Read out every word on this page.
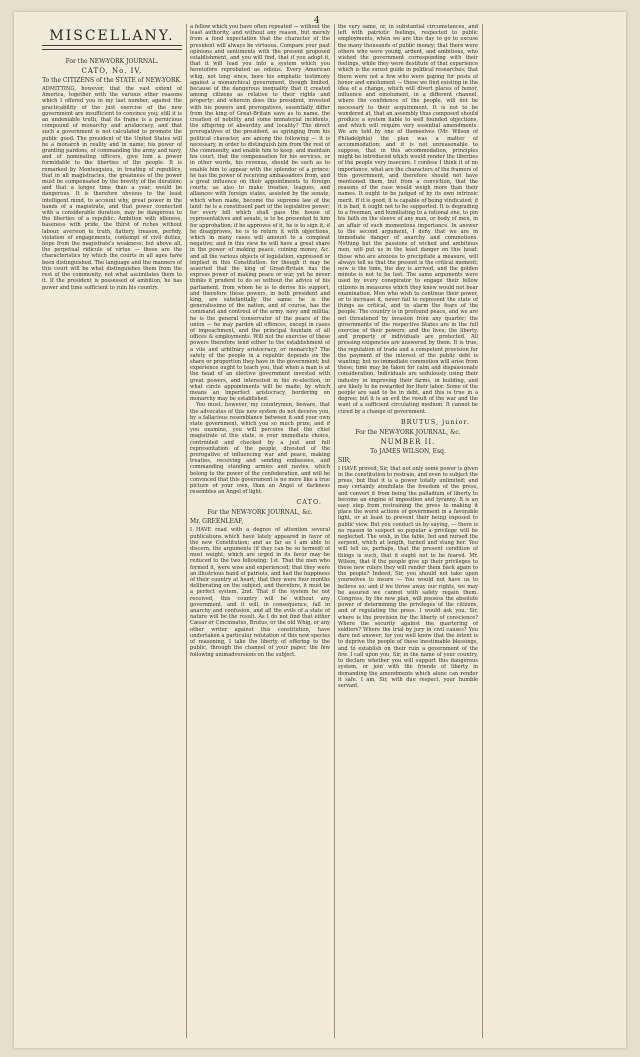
4
MISCELLANY.
For the NEW-YORK JOURNAL.
CATO, No. IV.
To the CITIZENS of the STATE of NEW-YORK.

ADMITTING, however, that the vast extent of America, together with the various other reasons which I offered you in my last number, against the practicability of the just exercise of the new government are insufficient to convince you; still it is an undeniable truth, that its frame is a pernicious compound of monarchy and aristocracy, and that such a government is not calculated to promote the public good. The president of the United States will be a monarch in reality and in name; his power of granting pardons, of commanding the army and navy, and of nominating officers, give him a power formidable to the liberties of the people. It is remarked by Montesquieu, in treating of republics, that in all magistracies, the greatness of the power must be compensated by the brevity of the duration; and that a longer time than a year, would be dangerous. It is therefore obvious to the least intelligent mind, to account why, great power in the hands of a magistrate, and that power connected with a considerable duration, may be dangerous to the liberties of a republic. Ambition with idleness, baseness with pride, the thirst of riches without labour, aversion to truth, flattery, treason, perfidy, violation of engagements, contempt of civil duties, hope from the magistrate's weakness; but above all, the perpetual ridicule of virtue — these are the characteristics by which the courts in all ages have been distinguished. The language and the manners of this court will be what distinguishes them from the rest of the community, not what assimilates them to it. If the president is possessed of ambition, he has power and time sufficient to ruin his country.

a fellow which you have often repeated — without the least authority, and without any reason, but merely from a fond expectation that the character of the president will always be virtuous. Compare your past opinions and sentiments with the present proposed establishment, and you will find, that if you adopt it, that it will lead you into a system which you heretofore reprobated as odious. Every American whig, not long since, bore his emphatic testimony against a monarchical government, though limited, because of the dangerous inequality that it created among citizens as relative to their rights and property; and wherein does this president, invested with his powers and prerogatives, essentially differ from the king of Great-Britain save as to name, the creation of nobility and some immaterial incidents, the offspring of absurdity and locality? The direct prerogatives of the president, as springing from his political character, are among the following — it is necessary, in order to distinguish him from the rest of the community, and enable him to keep, and maintain his court, that the compensation for his services, or in other words, his revenue, should be such as to enable him to appear with the splendor of a prince; he has the power of receiving ambassadors from, and a great influence on their appointments to foreign courts; as also to make treaties, leagues, and alliances with foreign states, assisted by the senate, which when made, become the supreme law of the land: he is a constituent part of the legislative power; for every bill which shall pass the house of representatives and senate, is to be presented to him for approbation; if he approves of it, he is to sign it, if he disapproves, he is to return it with objections, which in many cases will amount to a compleat negative; and in this view he will have a great share in the power of making peace, coining money, &c. and all the various objects of legislation, expressed or implied in this Constitution: for though it may be asserted that the king of Great-Britain has the express power of making peace or war, yet he never thinks it prudent to do so without the advice of his parliament, from whom he is to derive his support, and therefore these powers, in both president and king, are substantially the same: he is the generalissimo of the nation, and of course, has the command and controul of the army, navy and militia; he is the general conservator of the peace of the union — he may pardon all offences, except in cases of impeachment, and the principal fountain of all offices & employments. Will not the exercise of these powers therefore tend either to the establishment of a vile and arbitrary aristocracy, or monarchy? The safety of the people in a republic depends on the share or proportion they have in the government; but experience ought to teach you, that when a man is at the head of an elective government invested with great powers, and interested in his re-election, in what circle appointments will be made; by which means an imperfect aristocracy, bordering on monarchy may be established.

You must, however, my countrymen, beware, that the advocates of this new system do not deceive you, by a fallacious resemblance between it and your own state government, which you so much prize; and if you examine, you will perceive that the chief magistrate of this state, is your immediate choice, controuled and checked by a just and full representation of the people, divested of the prerogative of influencing war and peace, making treaties, receiving and sending embassies, and commanding standing armies and navies, which belong to the power of the confederation, and will be convinced that this government is no more like a true picture of your own, than an Angel of darkness resembles an Angel of light.

CATO.
For the NEW-YORK JOURNAL, &c.
Mr. GREENLEAF,

I HAVE read with a degree of attention several publications which have lately appeared in favor of the new Constitution; and as far as I am able to discern, the arguments (if they can be so termed) of most weight, which are urged in its favor may be reduced to the two following: 1st. That the men who formed it, were wise and experienced; that they were an illustrious band of patriots, and had the happiness of their country at heart; that they were four months deliberating on the subject, and therefore, it must be a perfect system. 2nd. That if the system be not received, this country will be without any government, and it will, in consequence, fall in anarchy and confusion, and all the evils of a state of nature will be the result. As I do not find that either Cæsar or Cincinnatus, Brutus, or the old Whig, or any other writer against this constitution, have undertaken a particular refutation of this new species of reasoning, I take the liberty of offering to the public, through the channel of your paper, the few following animadversions on the subject.

the very same, or, in substantial circumstances, and left with patriotic feelings, respected to public employments, when we are this day to go to excuse the many thousands of public money; that there were others who were young, ardent, and ambitious, who wished the government corresponding with their feelings, while they were destitute of that experience which is the surest guide in political researches; that there were not a few who were gaping for posts of honor and emolument — these we find existing in the idea of a change, which will divert places of honor, influence and emolument, in a different channel, where the confidence of the people, will not be necessary to their acquirement. It is not to be wondered at, that an assembly thus composed should produce a system liable to well founded objections, and which will require very essential amendments. We are told by one of themselves (Mr. Wilson of Philadelphia) the plan was a matter of accommodation; and it is not unreasonable to suppose, that in this accommodation, principles might be introduced which would render the liberties of the people very insecure. I confess I think it of no importance, what are the characters of the framers of this government, and therefore should not have mentioned them, but from a conviction, that the reasons of the case would weigh more than their names. It ought to be judged of by its own intrinsic merit. If it is good, it is capable of being vindicated; if it is bad, it ought not to be supported. It is degrading to a freeman, and humiliating to a rational one, to pin his faith on the sleeve of any man, or body of men, in an affair of such momentous importance. In answer to the second argument, I deny that we are in immediate danger of anarchy and commotions. Nothing but the passions of wicked and ambitious men, will put us in the least danger on this head: those who are anxious to precipitate a measure, will always tell us that the present is the critical moment; now is the time, the day is arrived, and the golden minute is not to be lost. The same arguments were used by every conspirator to engage their fellow citizens in measures which they knew would not bear examination. Men who wish to continue their power, or to increase it, never fail to represent the state of things as critical, and to alarm the fears of the people. The country is in profound peace, and we are not threatened by invasion from any quarter; the governments of the respective States are in the full exercise of their powers; and the lives, the liberty, and property of individuals are protected. All pressing exigencies are answered by them. It is true, the regulation of trade and a competent provision for the payment of the interest of the public debt is wanting; but no immediate commotion will arise from these; time may be taken for calm and dispassionate consideration. Individuals are sedulously using their industry in improving their farms, in building, and are likely to be rewarded for their labor. Some of the people are said to be in debt, and this is true in a degree; but it is an evil the result of the war and the want of a sufficient circulating medium. It cannot be cured by a change of government.

BRUTUS, junior.
For the NEW-YORK JOURNAL, &c.
NUMBER II.
To JAMES WILSON, Esq.
SIR,

I HAVE proved, Sir, that not only some power is given in the constitution to restrain, and even to subject the press, but that it is a power totally unlimited; and may certainly annihilate the freedom of the press, and convert it from being the palladium of liberty to become an engine of imposition and tyranny. It is an easy step from restraining the press to making it place the worst actions of government in a favorable light, or at least to prevent their being exposed to public view. But you conduct us by saying, — there is no reason to suspect so popular a privilege will be neglected. The wish, in the fable, fed and nursed the serpent, which at length, turned and stung her. You will tell us, perhaps, that the present condition of things is such, that it ought not to be feared. Mr. Wilson, that if the people give up their privileges to these new rulers they will render them back again to the people? Indeed, Sir, you should not take upon yourselves to insure — You would not have us to believe so; and if we throw away our rights, we may be assured we cannot with safety regain them. Congress, by the new plan, will possess the absolute power of determining the privileges of the citizens, and of regulating the press. I would ask you, Sir, where is the provision for the liberty of conscience? Where the security against the quartering of soldiers? Where the trial by jury in civil causes? You dare not answer; for you well know that the intent is to deprive the people of these inestimable blessings, and to establish on their ruin a government of the few. I call upon you, Sir, in the name of your country, to declare whether you will support this dangerous system, or join with the friends of liberty in demanding the amendments which alone can render it safe. I am, Sir, with due respect, your humble servant.
